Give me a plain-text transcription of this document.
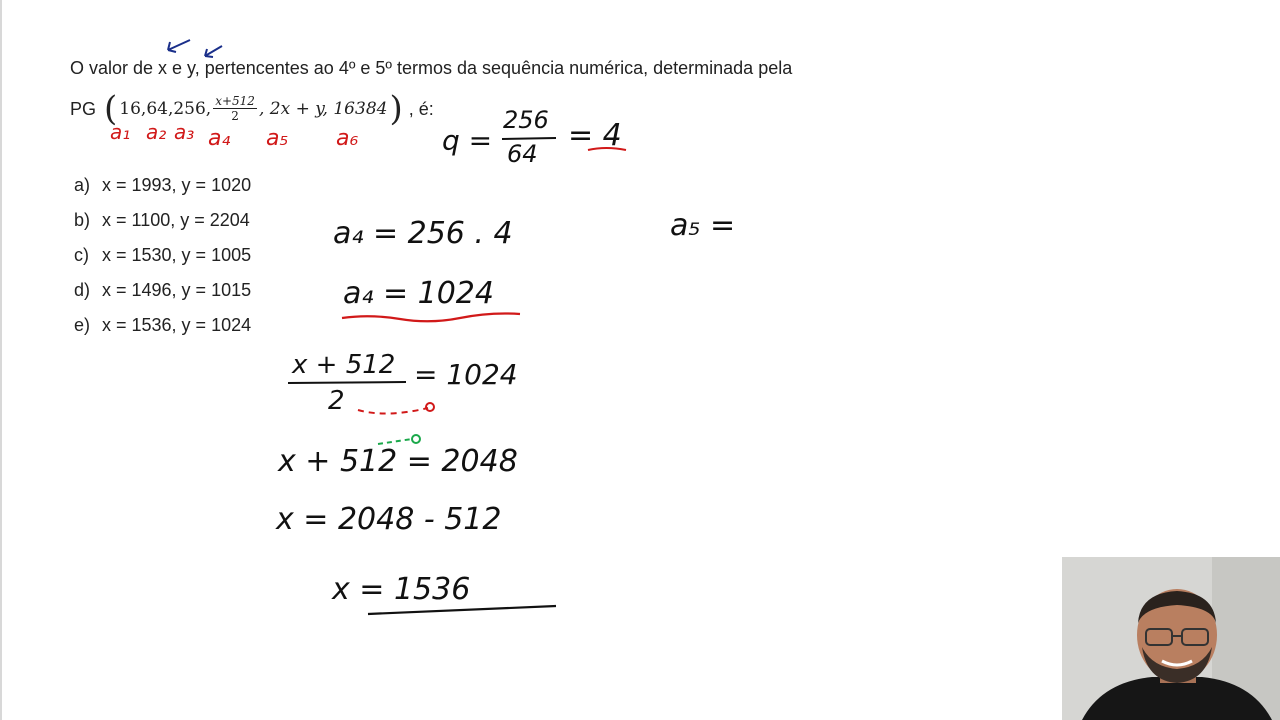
O valor de x e y, pertencentes ao 4º e 5º termos da sequência numérica, determinada pela
PG ( 16,64,256, $\frac{x+512}{2}$ , 2x + y, 16384 ) , é:
a₁ a₂ a₃ a₄ a₅ a₆
a) x = 1993, y = 1020
b) x = 1100, y = 2204
c) x = 1530, y = 1005
d) x = 1496, y = 1015
e) x = 1536, y = 1024
q =
256
64
= 4
a₄ = 256 . 4
a₄ = 1024
a₅ =
x + 512
2
= 1024
x + 512 = 2048
x = 2048 - 512
x = 1536
